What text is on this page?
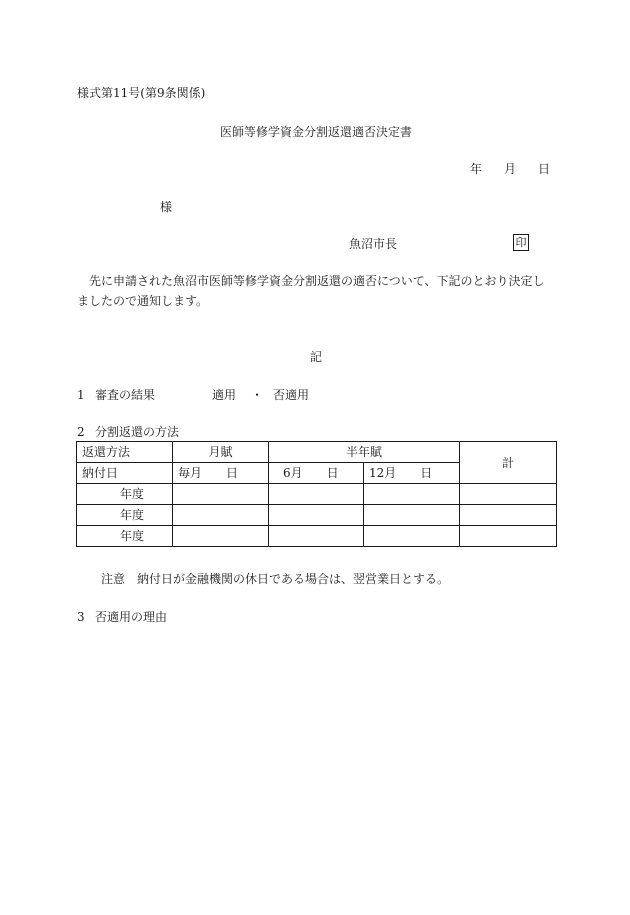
様式第11号(第9条関係)
医師等修学資金分割返還適否決定書
年 月 日
様
魚沼市長	印
先に申請された魚沼市医師等修学資金分割返還の適否について、下記のとおり決定しましたので通知します。
記
1 審査の結果	適用 ・ 否適用
2 分割返還の方法
返還方法	月賦	半年賦		計
納付日	毎月　　日	6月　　日	12月　　日	
年度				
年度				
年度				
注意 納付日が金融機関の休日である場合は、翌営業日とする。
3 否適用の理由
